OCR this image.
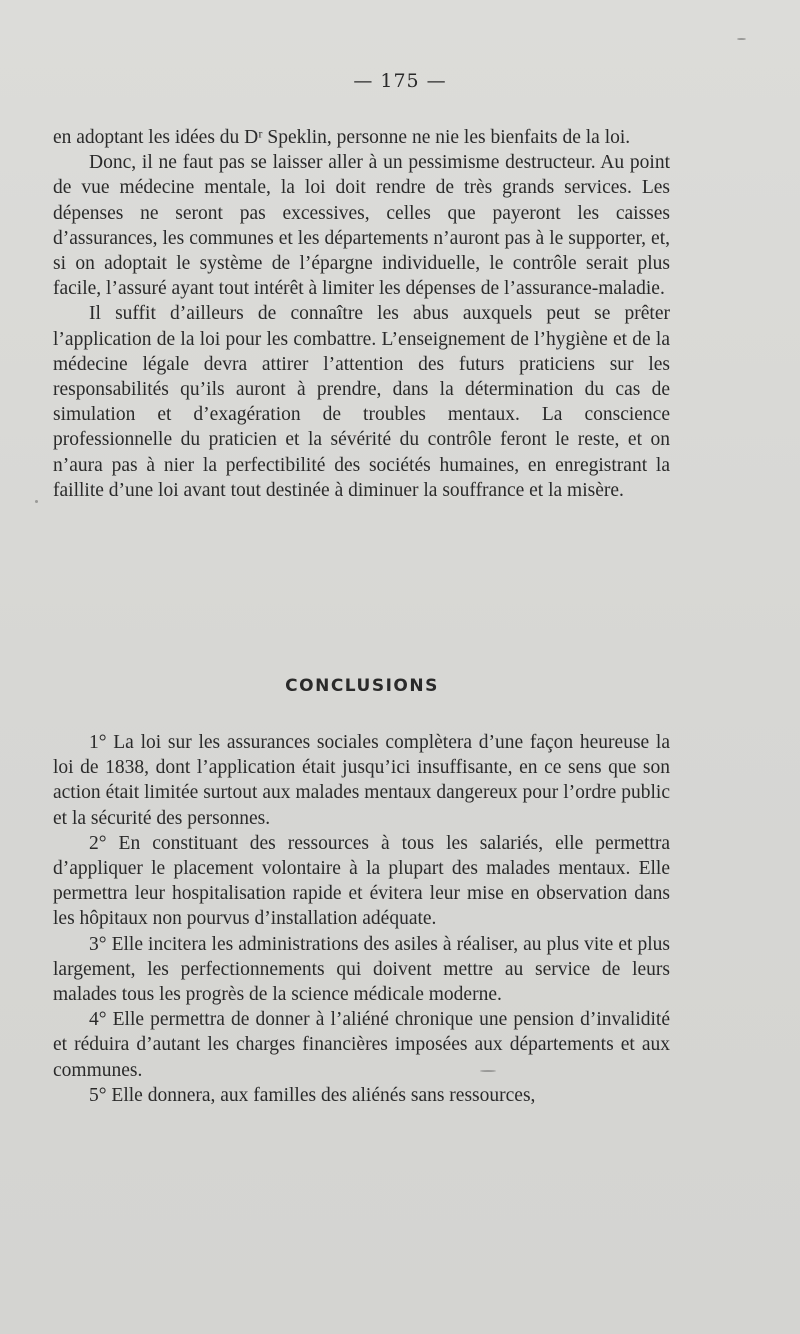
— 175 —

en adoptant les idées du Dʳ Speklin, personne ne nie les bienfaits de la loi.

Donc, il ne faut pas se laisser aller à un pessimisme destructeur. Au point de vue médecine mentale, la loi doit rendre de très grands services. Les dépenses ne seront pas excessives, celles que payeront les caisses d’assurances, les communes et les départements n’auront pas à le supporter, et, si on adoptait le système de l’épargne individuelle, le contrôle serait plus facile, l’assuré ayant tout intérêt à limiter les dépenses de l’assurance-maladie.

Il suffit d’ailleurs de connaître les abus auxquels peut se prêter l’application de la loi pour les combattre. L’enseignement de l’hygiène et de la médecine légale devra attirer l’attention des futurs praticiens sur les responsabilités qu’ils auront à prendre, dans la détermination du cas de simulation et d’exagération de troubles mentaux. La conscience professionnelle du praticien et la sévérité du contrôle feront le reste, et on n’aura pas à nier la perfectibilité des sociétés humaines, en enregistrant la faillite d’une loi avant tout destinée à diminuer la souffrance et la misère.

CONCLUSIONS

1° La loi sur les assurances sociales complètera d’une façon heureuse la loi de 1838, dont l’application était jusqu’ici insuffisante, en ce sens que son action était limitée surtout aux malades mentaux dangereux pour l’ordre public et la sécurité des personnes.

2° En constituant des ressources à tous les salariés, elle permettra d’appliquer le placement volontaire à la plupart des malades mentaux. Elle permettra leur hospitalisation rapide et évitera leur mise en observation dans les hôpitaux non pourvus d’installation adéquate.

3° Elle incitera les administrations des asiles à réaliser, au plus vite et plus largement, les perfectionnements qui doivent mettre au service de leurs malades tous les progrès de la science médicale moderne.

4° Elle permettra de donner à l’aliéné chronique une pension d’invalidité et réduira d’autant les charges financières imposées aux départements et aux communes.

5° Elle donnera, aux familles des aliénés sans ressources,
